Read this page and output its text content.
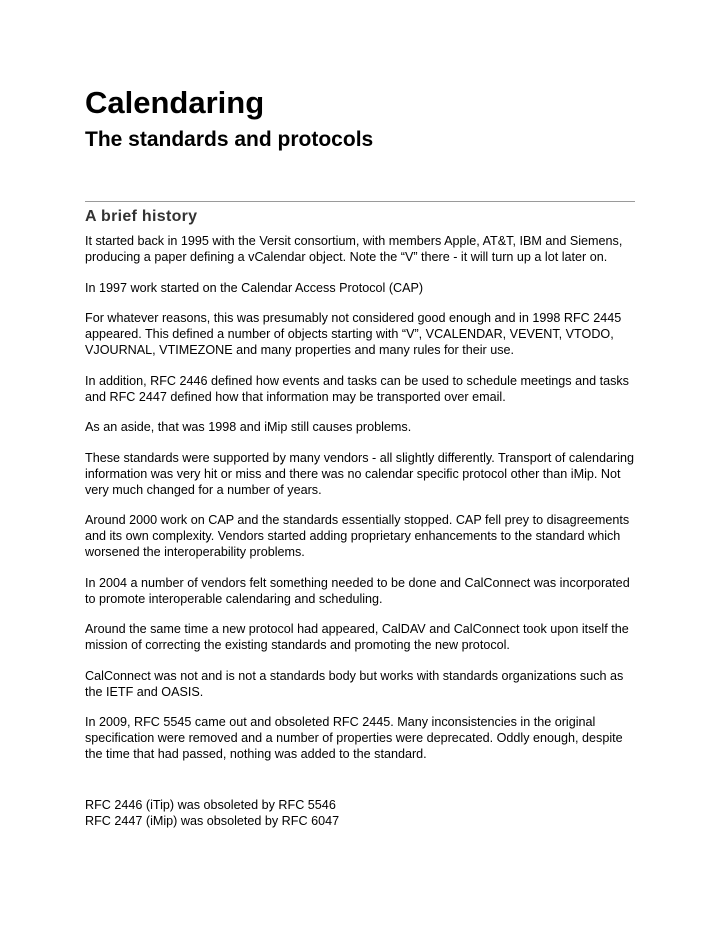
Calendaring
The standards and protocols
A brief history

It started back in 1995 with the Versit consortium, with members Apple, AT&T, IBM and Siemens, producing a paper defining a vCalendar object. Note the “V” there - it will turn up a lot later on.

In 1997 work started on the Calendar Access Protocol (CAP)

For whatever reasons, this was presumably not considered good enough and in 1998 RFC 2445 appeared. This defined a number of objects starting with “V”, VCALENDAR, VEVENT, VTODO, VJOURNAL, VTIMEZONE and many properties and many rules for their use.

In addition, RFC 2446 defined how events and tasks can be used to schedule meetings and tasks and RFC 2447 defined how that information may be transported over email.

As an aside, that was 1998 and iMip still causes problems.

These standards were supported by many vendors - all slightly differently. Transport of calendaring information was very hit or miss and there was no calendar specific protocol other than iMip. Not very much changed for a number of years.

Around 2000 work on CAP and the standards essentially stopped. CAP fell prey to disagreements and its own complexity. Vendors started adding proprietary enhancements to the standard which worsened the interoperability problems.

In 2004 a number of vendors felt something needed to be done and CalConnect was incorporated to promote interoperable calendaring and scheduling.

Around the same time a new protocol had appeared, CalDAV and CalConnect took upon itself the mission of correcting the existing standards and promoting the new protocol.

CalConnect was not and is not a standards body but works with standards organizations such as the IETF and OASIS.

In 2009, RFC 5545 came out and obsoleted RFC 2445. Many inconsistencies in the original specification were removed and a number of properties were deprecated. Oddly enough, despite the time that had passed, nothing was added to the standard.

RFC 2446 (iTip) was obsoleted by RFC 5546
RFC 2447 (iMip) was obsoleted by RFC 6047
